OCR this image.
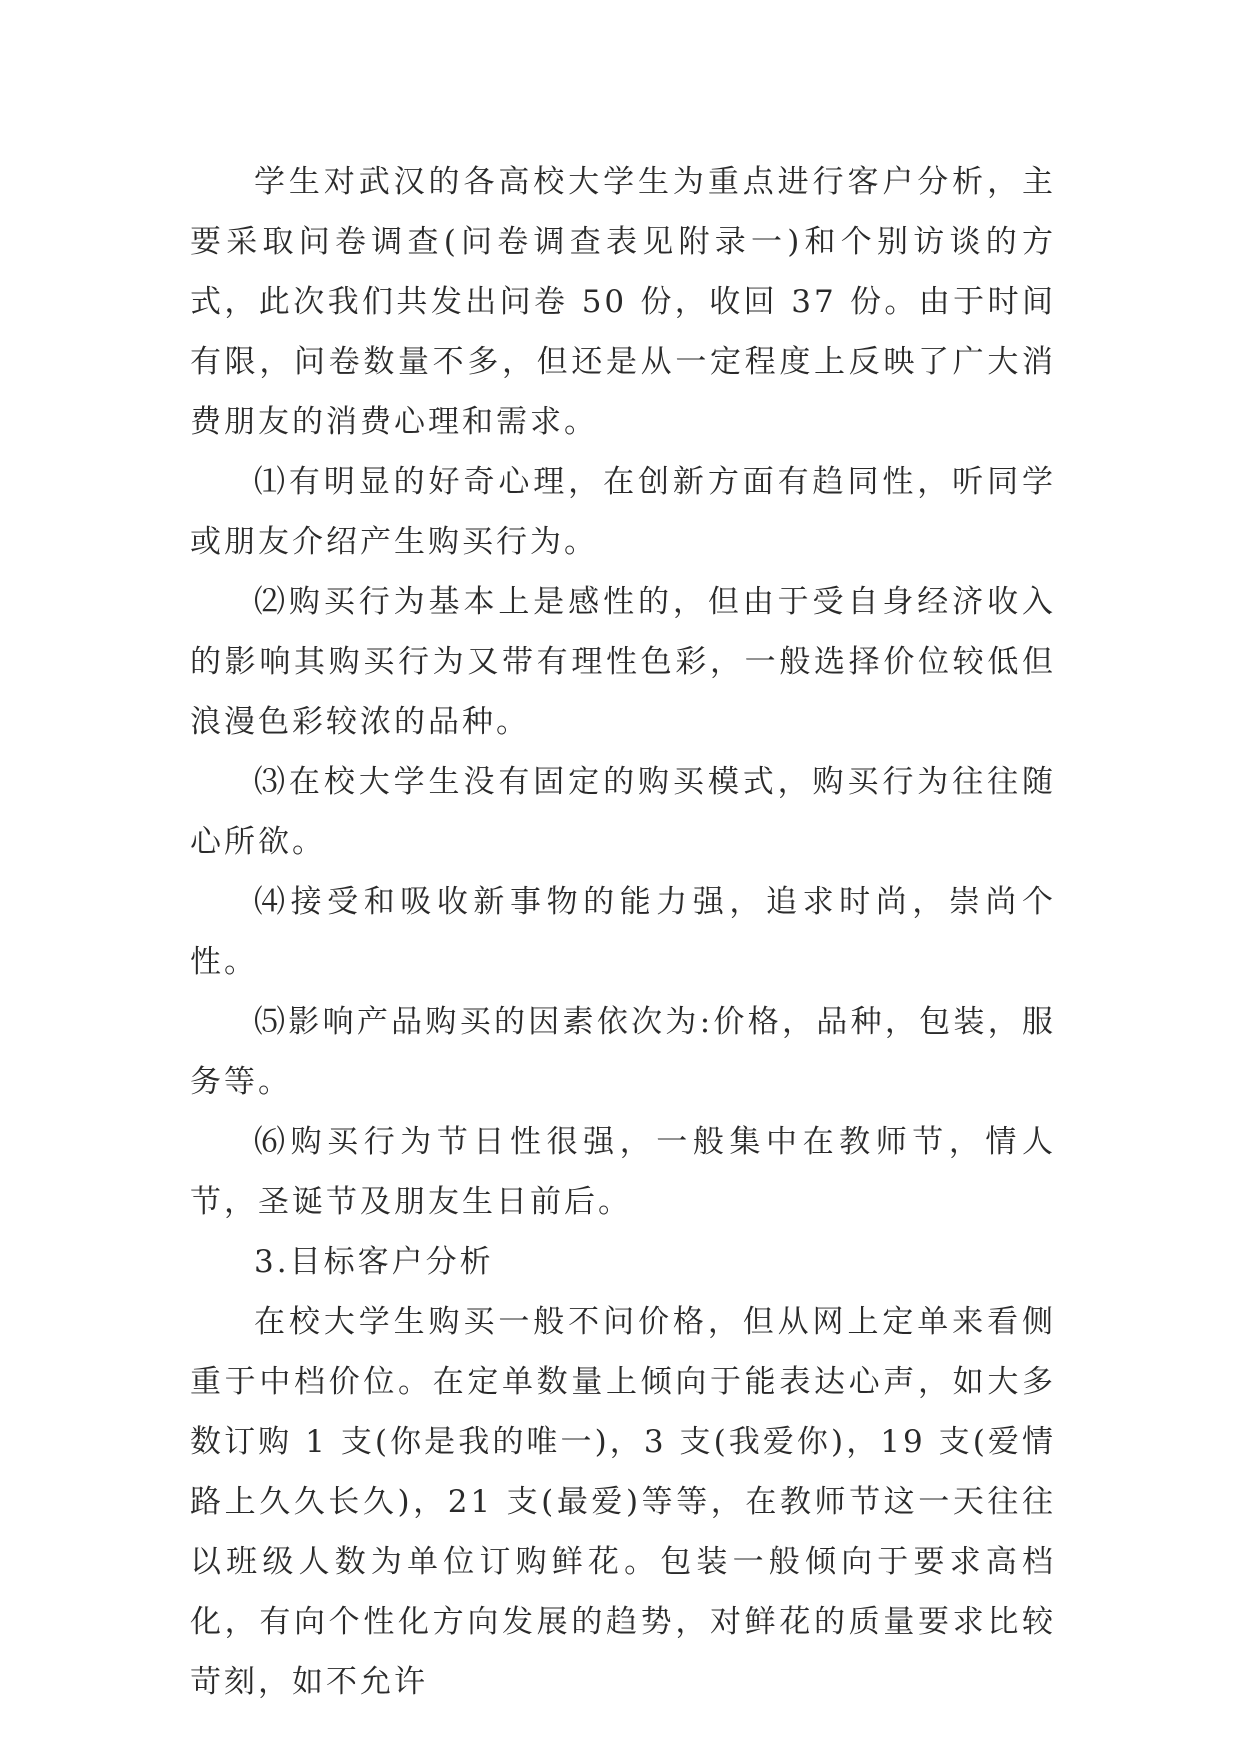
学生对武汉的各高校大学生为重点进行客户分析，主要采取问卷调查(问卷调查表见附录一)和个别访谈的方式，此次我们共发出问卷 50 份，收回 37 份。由于时间有限，问卷数量不多，但还是从一定程度上反映了广大消费朋友的消费心理和需求。

⑴有明显的好奇心理，在创新方面有趋同性，听同学或朋友介绍产生购买行为。

⑵购买行为基本上是感性的，但由于受自身经济收入的影响其购买行为又带有理性色彩，一般选择价位较低但浪漫色彩较浓的品种。

⑶在校大学生没有固定的购买模式，购买行为往往随心所欲。

⑷接受和吸收新事物的能力强，追求时尚，崇尚个性。

⑸影响产品购买的因素依次为:价格，品种，包装，服务等。

⑹购买行为节日性很强，一般集中在教师节，情人节，圣诞节及朋友生日前后。

3.目标客户分析

在校大学生购买一般不问价格，但从网上定单来看侧重于中档价位。在定单数量上倾向于能表达心声，如大多数订购 1 支(你是我的唯一)，3 支(我爱你)，19 支(爱情路上久久长久)，21 支(最爱)等等，在教师节这一天往往以班级人数为单位订购鲜花。包装一般倾向于要求高档化，有向个性化方向发展的趋势，对鲜花的质量要求比较苛刻，如不允许
